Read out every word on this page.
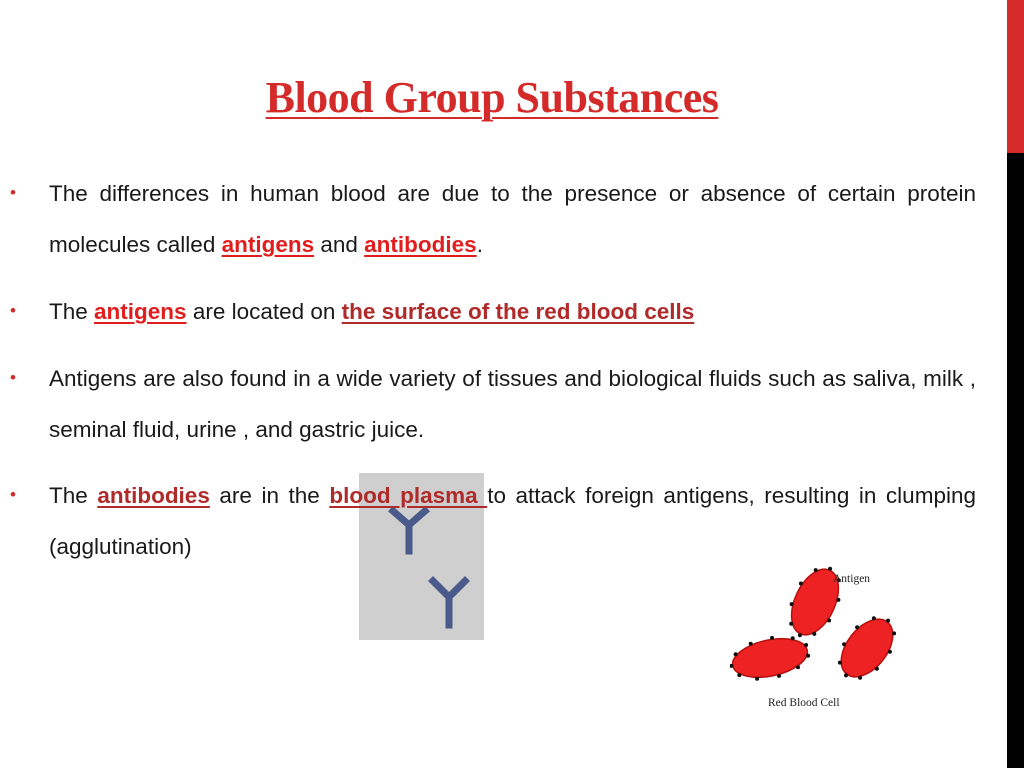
Blood Group Substances
• The differences in human blood are due to the presence or absence of certain protein molecules called antigens and antibodies.
• The antigens are located on the surface of the red blood cells
• Antigens are also found in a wide variety of tissues and biological fluids such as saliva, milk , seminal fluid, urine , and gastric juice.
• The antibodies are in the blood plasma to attack foreign antigens, resulting in clumping (agglutination)
Antigen
Red Blood Cell
